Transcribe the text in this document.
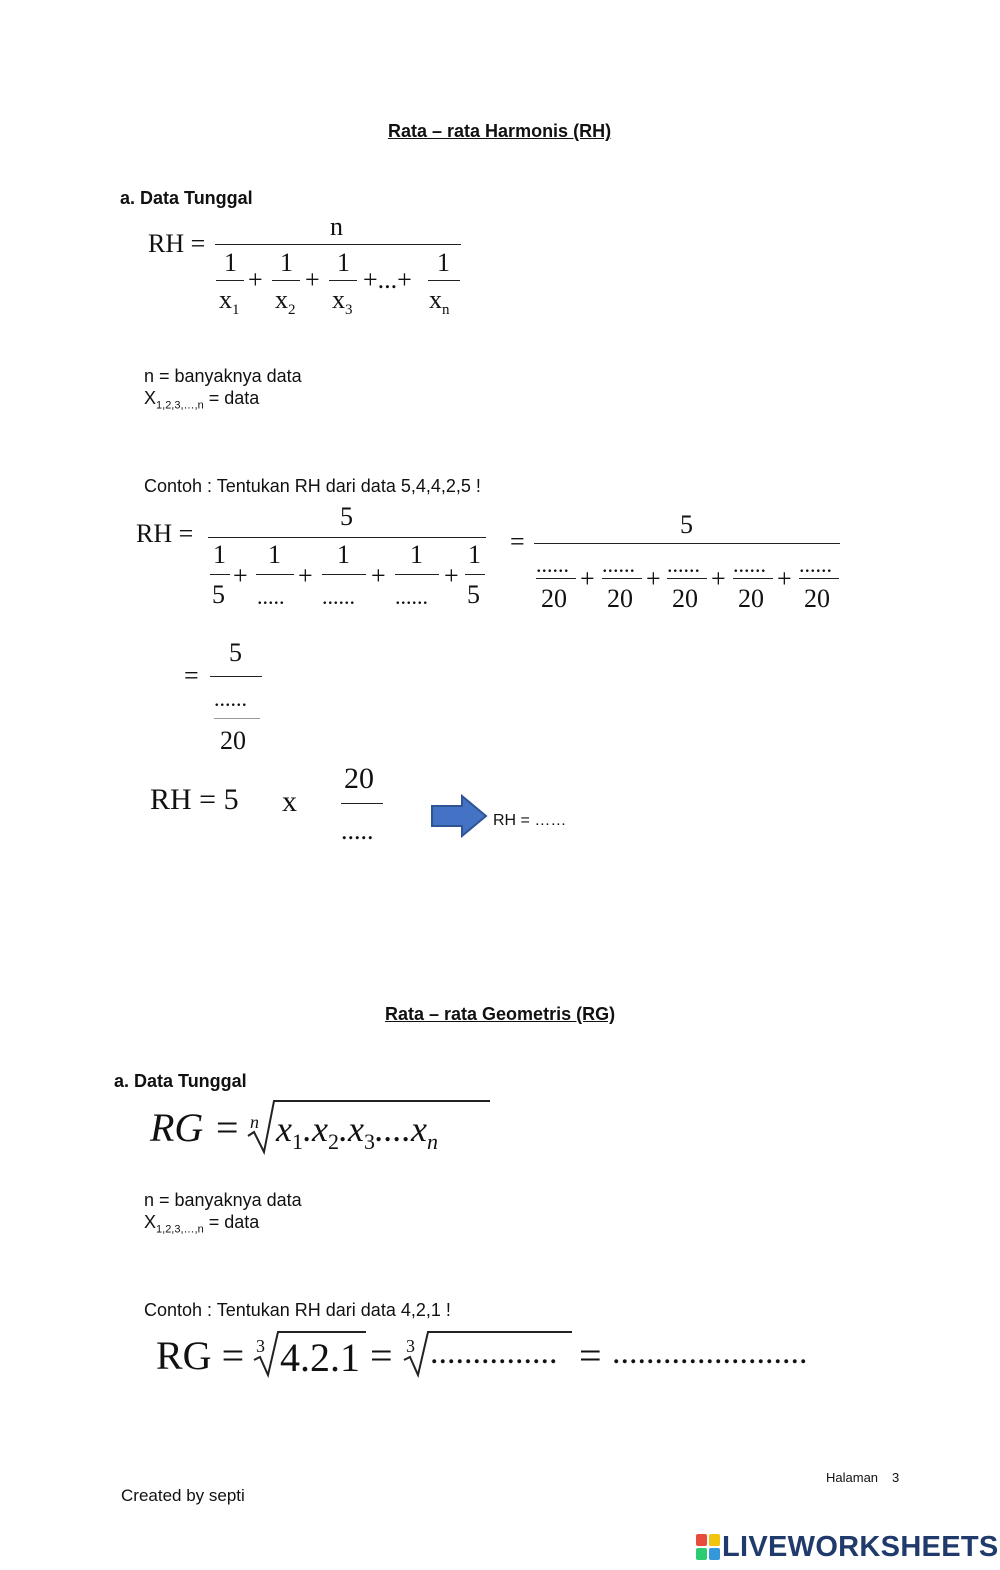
Rata – rata Harmonis (RH)
a. Data Tunggal
RH =
n
1
$x_1$
+
1
$x_2$
+
1
$x_3$
+...+
1
$x_n$
n = banyaknya data
$X_{1,2,3,\dots,n}$ = data
Contoh : Tentukan RH dari data 5,4,4,2,5 !
RH =
5
1
5
+
1
.....
+
1
......
+
1
......
+
1
5
=
5
......
20
+ ......
20
+ ......
20
+ ......
20
+ ......
20
=
5
......
20
RH = 5 x
20
.....	RH = ……
Rata – rata Geometris (RG)
a. Data Tunggal
RG = n $x_1.x_2.x_3....x_n$
n = banyaknya data
$X_{1,2,3,\dots,n}$ = data
Contoh : Tentukan RH dari data 4,2,1 !
RG = 3 4.2.1 = 3 ............... = .......................
Halaman 3
Created by septi
LIVEWORKSHEETS
